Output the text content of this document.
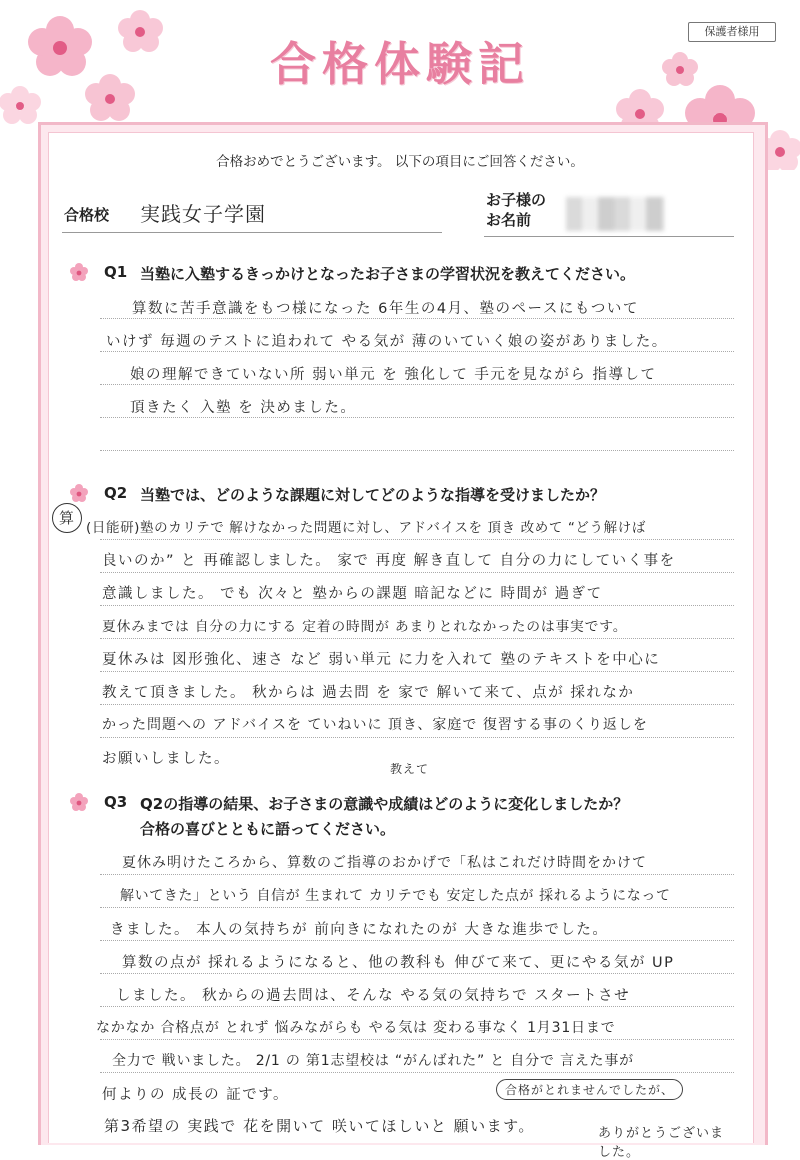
保護者様用
合格体験記
合格おめでとうございます。 以下の項目にご回答ください。
合格校 実践女子学園
お子様の
お名前
Q1 当塾に入塾するきっかけとなったお子さまの学習状況を教えてください。
算数に苦手意識をもつ様になった 6年生の4月、塾のペースにもついて
いけず 毎週のテストに追われて やる気が 薄のいていく娘の姿がありました。
娘の理解できていない所 弱い単元 を 強化して 手元を見ながら 指導して
頂きたく 入塾 を 決めました。
Q2 当塾では、どのような課題に対してどのような指導を受けましたか？
算
(日能研)塾のカリテで 解けなかった問題に対し、アドバイスを 頂き 改めて “どう解けば
良いのか” と 再確認しました。 家で 再度 解き直して 自分の力にしていく事を
意識しました。 でも 次々と 塾からの課題 暗記などに 時間が 過ぎて
夏休みまでは 自分の力にする 定着の時間が あまりとれなかったのは事実です。
夏休みは 図形強化、速さ など 弱い単元 に力を入れて 塾のテキストを中心に
教えて頂きました。 秋からは 過去問 を 家で 解いて来て、点が 採れなか
かった問題への アドバイスを ていねいに 頂き、家庭で 復習する事のくり返しを
お願いしました。
教えて
Q3 Q2の指導の結果、お子さまの意識や成績はどのように変化しましたか？
合格の喜びとともに語ってください。
夏休み明けたころから、算数のご指導のおかげで「私はこれだけ時間をかけて
解いてきた」という 自信が 生まれて カリテでも 安定した点が 採れるようになって
きました。 本人の気持ちが 前向きになれたのが 大きな進歩でした。
算数の点が 採れるようになると、他の教科も 伸びて来て、更にやる気が UP
しました。 秋からの過去問は、そんな やる気の気持ちで スタートさせ
なかなか 合格点が とれず 悩みながらも やる気は 変わる事なく 1月31日まで
全力で 戦いました。 2/1 の 第1志望校は “がんばれた” と 自分で 言えた事が
何よりの 成長の 証です。	合格がとれませんでしたが、
第3希望の 実践で 花を開いて 咲いてほしいと 願います。	ありがとうございました。
